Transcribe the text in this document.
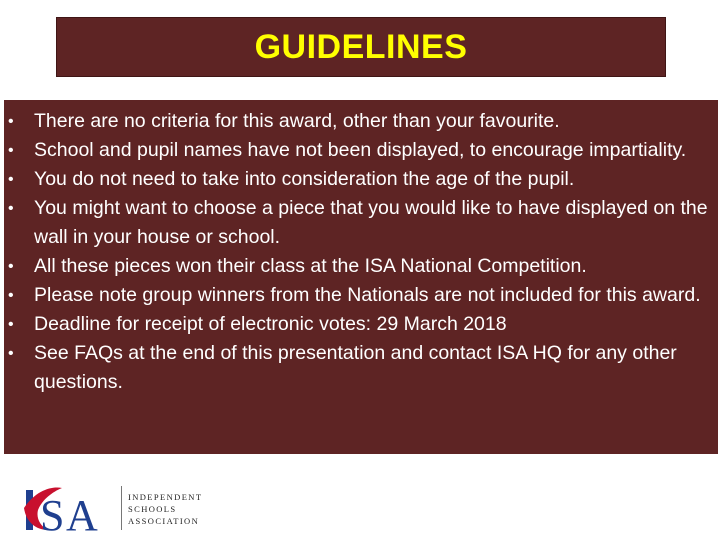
GUIDELINES
• There are no criteria for this award, other than your favourite.
• School and pupil names have not been displayed, to encourage impartiality.
• You do not need to take into consideration the age of the pupil.
• You might want to choose a piece that you would like to have displayed on the wall in your house or school.
• All these pieces won their class at the ISA National Competition.
• Please note group winners from the Nationals are not included for this award.
• Deadline for receipt of electronic votes: 29 March 2018
• See FAQs at the end of this presentation and contact ISA HQ for any other questions.
S A	INDEPENDENT
SCHOOLS
ASSOCIATION
